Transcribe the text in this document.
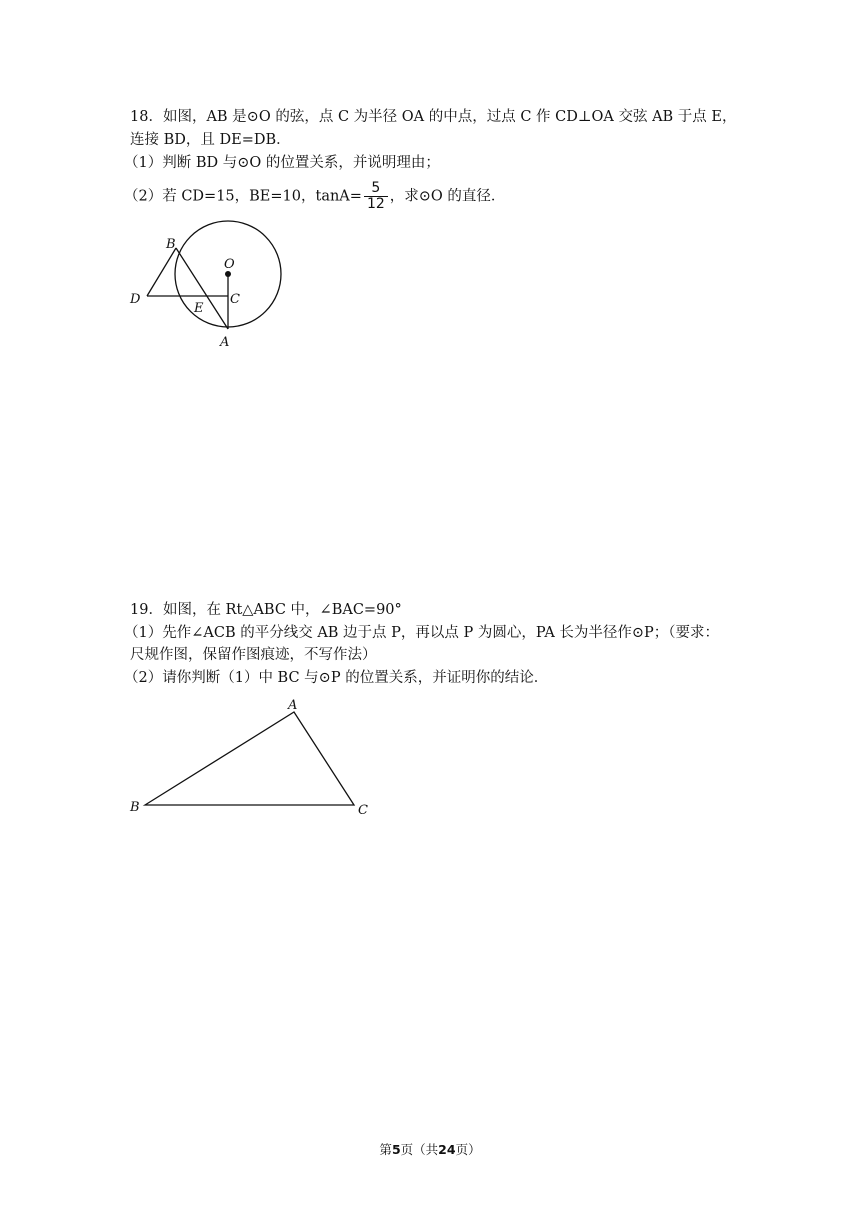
18．如图，AB 是⊙O 的弦，点 C 为半径 OA 的中点，过点 C 作 CD⊥OA 交弦 AB 于点 E，
连接 BD，且 DE=DB．
（1）判断 BD 与⊙O 的位置关系，并说明理由；
（2）若 CD=15，BE=10，$\tan A= \frac{5}{12}$ ，求⊙O 的直径．
B
O
D	C
E
A
19．如图，在 Rt△ABC 中，∠BAC=90°
（1）先作∠ACB 的平分线交 AB 边于点 P，再以点 P 为圆心，PA 长为半径作⊙P；（要求：
尺规作图，保留作图痕迹，不写作法）
（2）请你判断（1）中 BC 与⊙P 的位置关系，并证明你的结论．
A
B	C
第5页（共24页）
